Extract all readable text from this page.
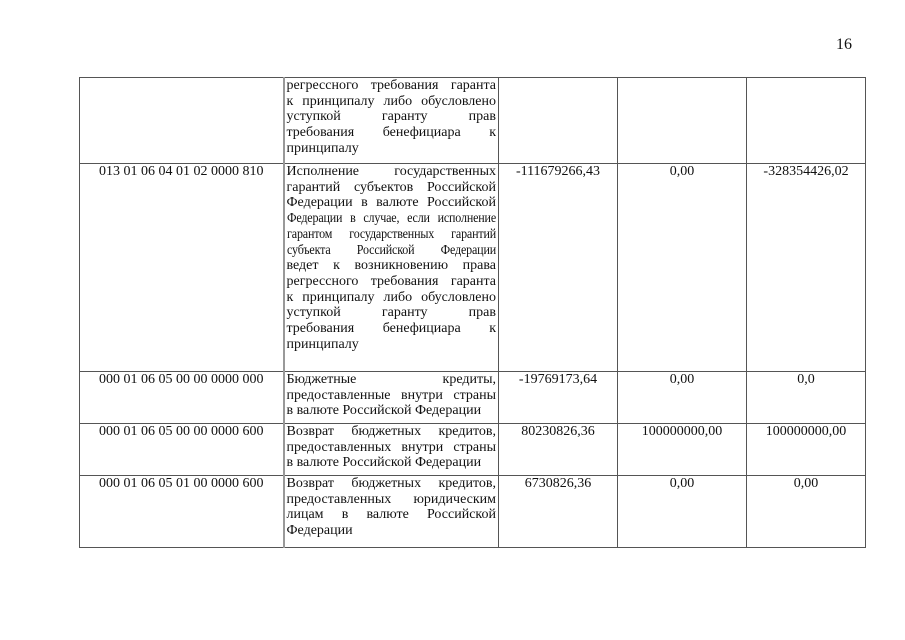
16

	регрессного требования гаранта
к принципалу либо обусловлено
уступкой гаранту прав
требования бенефициара к
принципалу			

013 01 06 04 01 02 0000 810	Исполнение государственных
гарантий субъектов Российской
Федерации в валюте Российской
Федерации в случае, если исполнение
гарантом государственных гарантий
субъекта Российской Федерации
ведет к возникновению права
регрессного требования гаранта
к принципалу либо обусловлено
уступкой гаранту прав
требования бенефициара к
принципалу
	-111679266,43	0,00	-328354426,02
000 01 06 05 00 00 0000 000	Бюджетные кредиты,
предоставленные внутри страны
в валюте Российской Федерации	-19769173,64	0,00	0,0
000 01 06 05 00 00 0000 600	Возврат бюджетных кредитов,
предоставленных внутри страны
в валюте Российской Федерации	80230826,36	100000000,00	100000000,00
000 01 06 05 01 00 0000 600	Возврат бюджетных кредитов,
предоставленных юридическим
лицам в валюте Российской
Федерации	6730826,36	0,00	0,00
